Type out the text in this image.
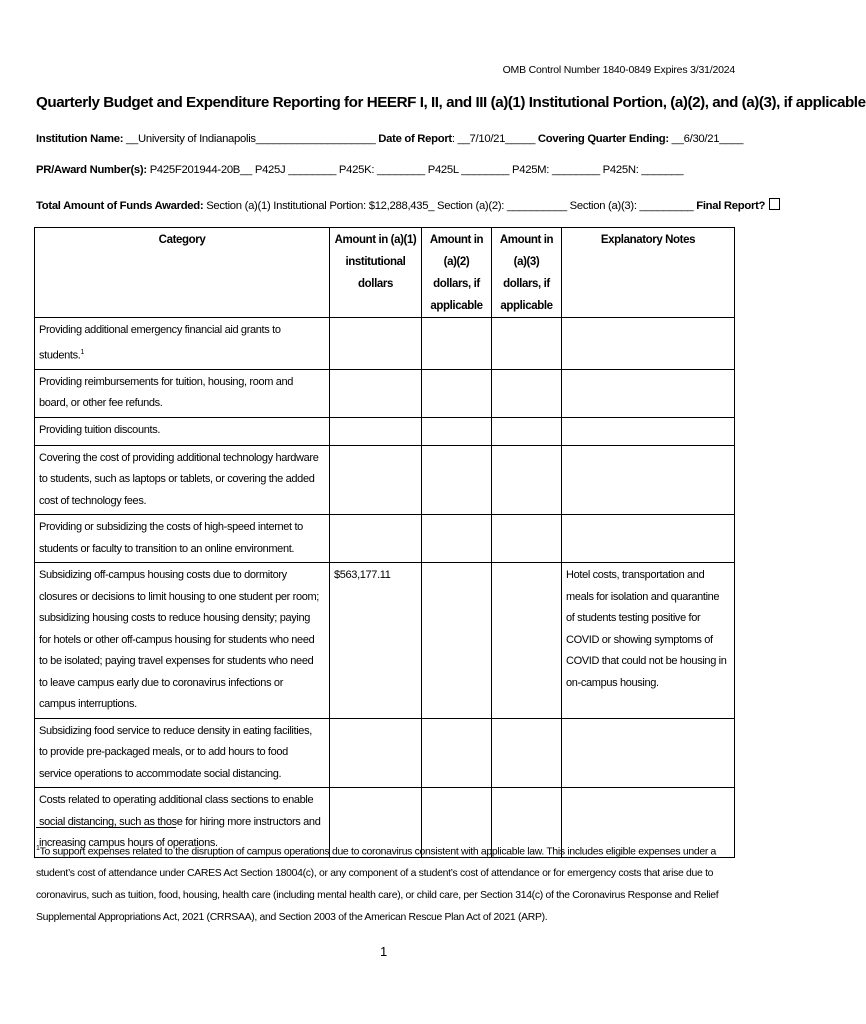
OMB Control Number 1840-0849 Expires 3/31/2024
Quarterly Budget and Expenditure Reporting for HEERF I, II, and III (a)(1) Institutional Portion, (a)(2), and (a)(3), if applicable
Institution Name: __University of Indianapolis____________________ Date of Report: __7/10/21_____ Covering Quarter Ending: __6/30/21____
PR/Award Number(s): P425F201944-20B__ P425J ________ P425K: ________ P425L ________ P425M: ________ P425N: _______
Total Amount of Funds Awarded: Section (a)(1) Institutional Portion: $12,288,435_ Section (a)(2): __________ Section (a)(3): _________ Final Report?
Category	Amount in (a)(1) institutional dollars	Amount in (a)(2) dollars, if applicable	Amount in (a)(3) dollars, if applicable	Explanatory Notes
Providing additional emergency financial aid grants to students.$^1$				
Providing reimbursements for tuition, housing, room and board, or other fee refunds.				
Providing tuition discounts.				
Covering the cost of providing additional technology hardware to students, such as laptops or tablets, or covering the added cost of technology fees.				
Providing or subsidizing the costs of high-speed internet to students or faculty to transition to an online environment.				
Subsidizing off-campus housing costs due to dormitory closures or decisions to limit housing to one student per room; subsidizing housing costs to reduce housing density; paying for hotels or other off-campus housing for students who need to be isolated; paying travel expenses for students who need to leave campus early due to coronavirus infections or campus interruptions.	$563,177.11			Hotel costs, transportation and meals for isolation and quarantine of students testing positive for COVID or showing symptoms of COVID that could not be housing in on-campus housing.
Subsidizing food service to reduce density in eating facilities, to provide pre-packaged meals, or to add hours to food service operations to accommodate social distancing.				
Costs related to operating additional class sections to enable social distancing, such as those for hiring more instructors and increasing campus hours of operations.				
$^1$To support expenses related to the disruption of campus operations due to coronavirus consistent with applicable law. This includes eligible expenses under a student’s cost of attendance under CARES Act Section 18004(c), or any component of a student’s cost of attendance or for emergency costs that arise due to coronavirus, such as tuition, food, housing, health care (including mental health care), or child care, per Section 314(c) of the Coronavirus Response and Relief Supplemental Appropriations Act, 2021 (CRRSAA), and Section 2003 of the American Rescue Plan Act of 2021 (ARP).
1
